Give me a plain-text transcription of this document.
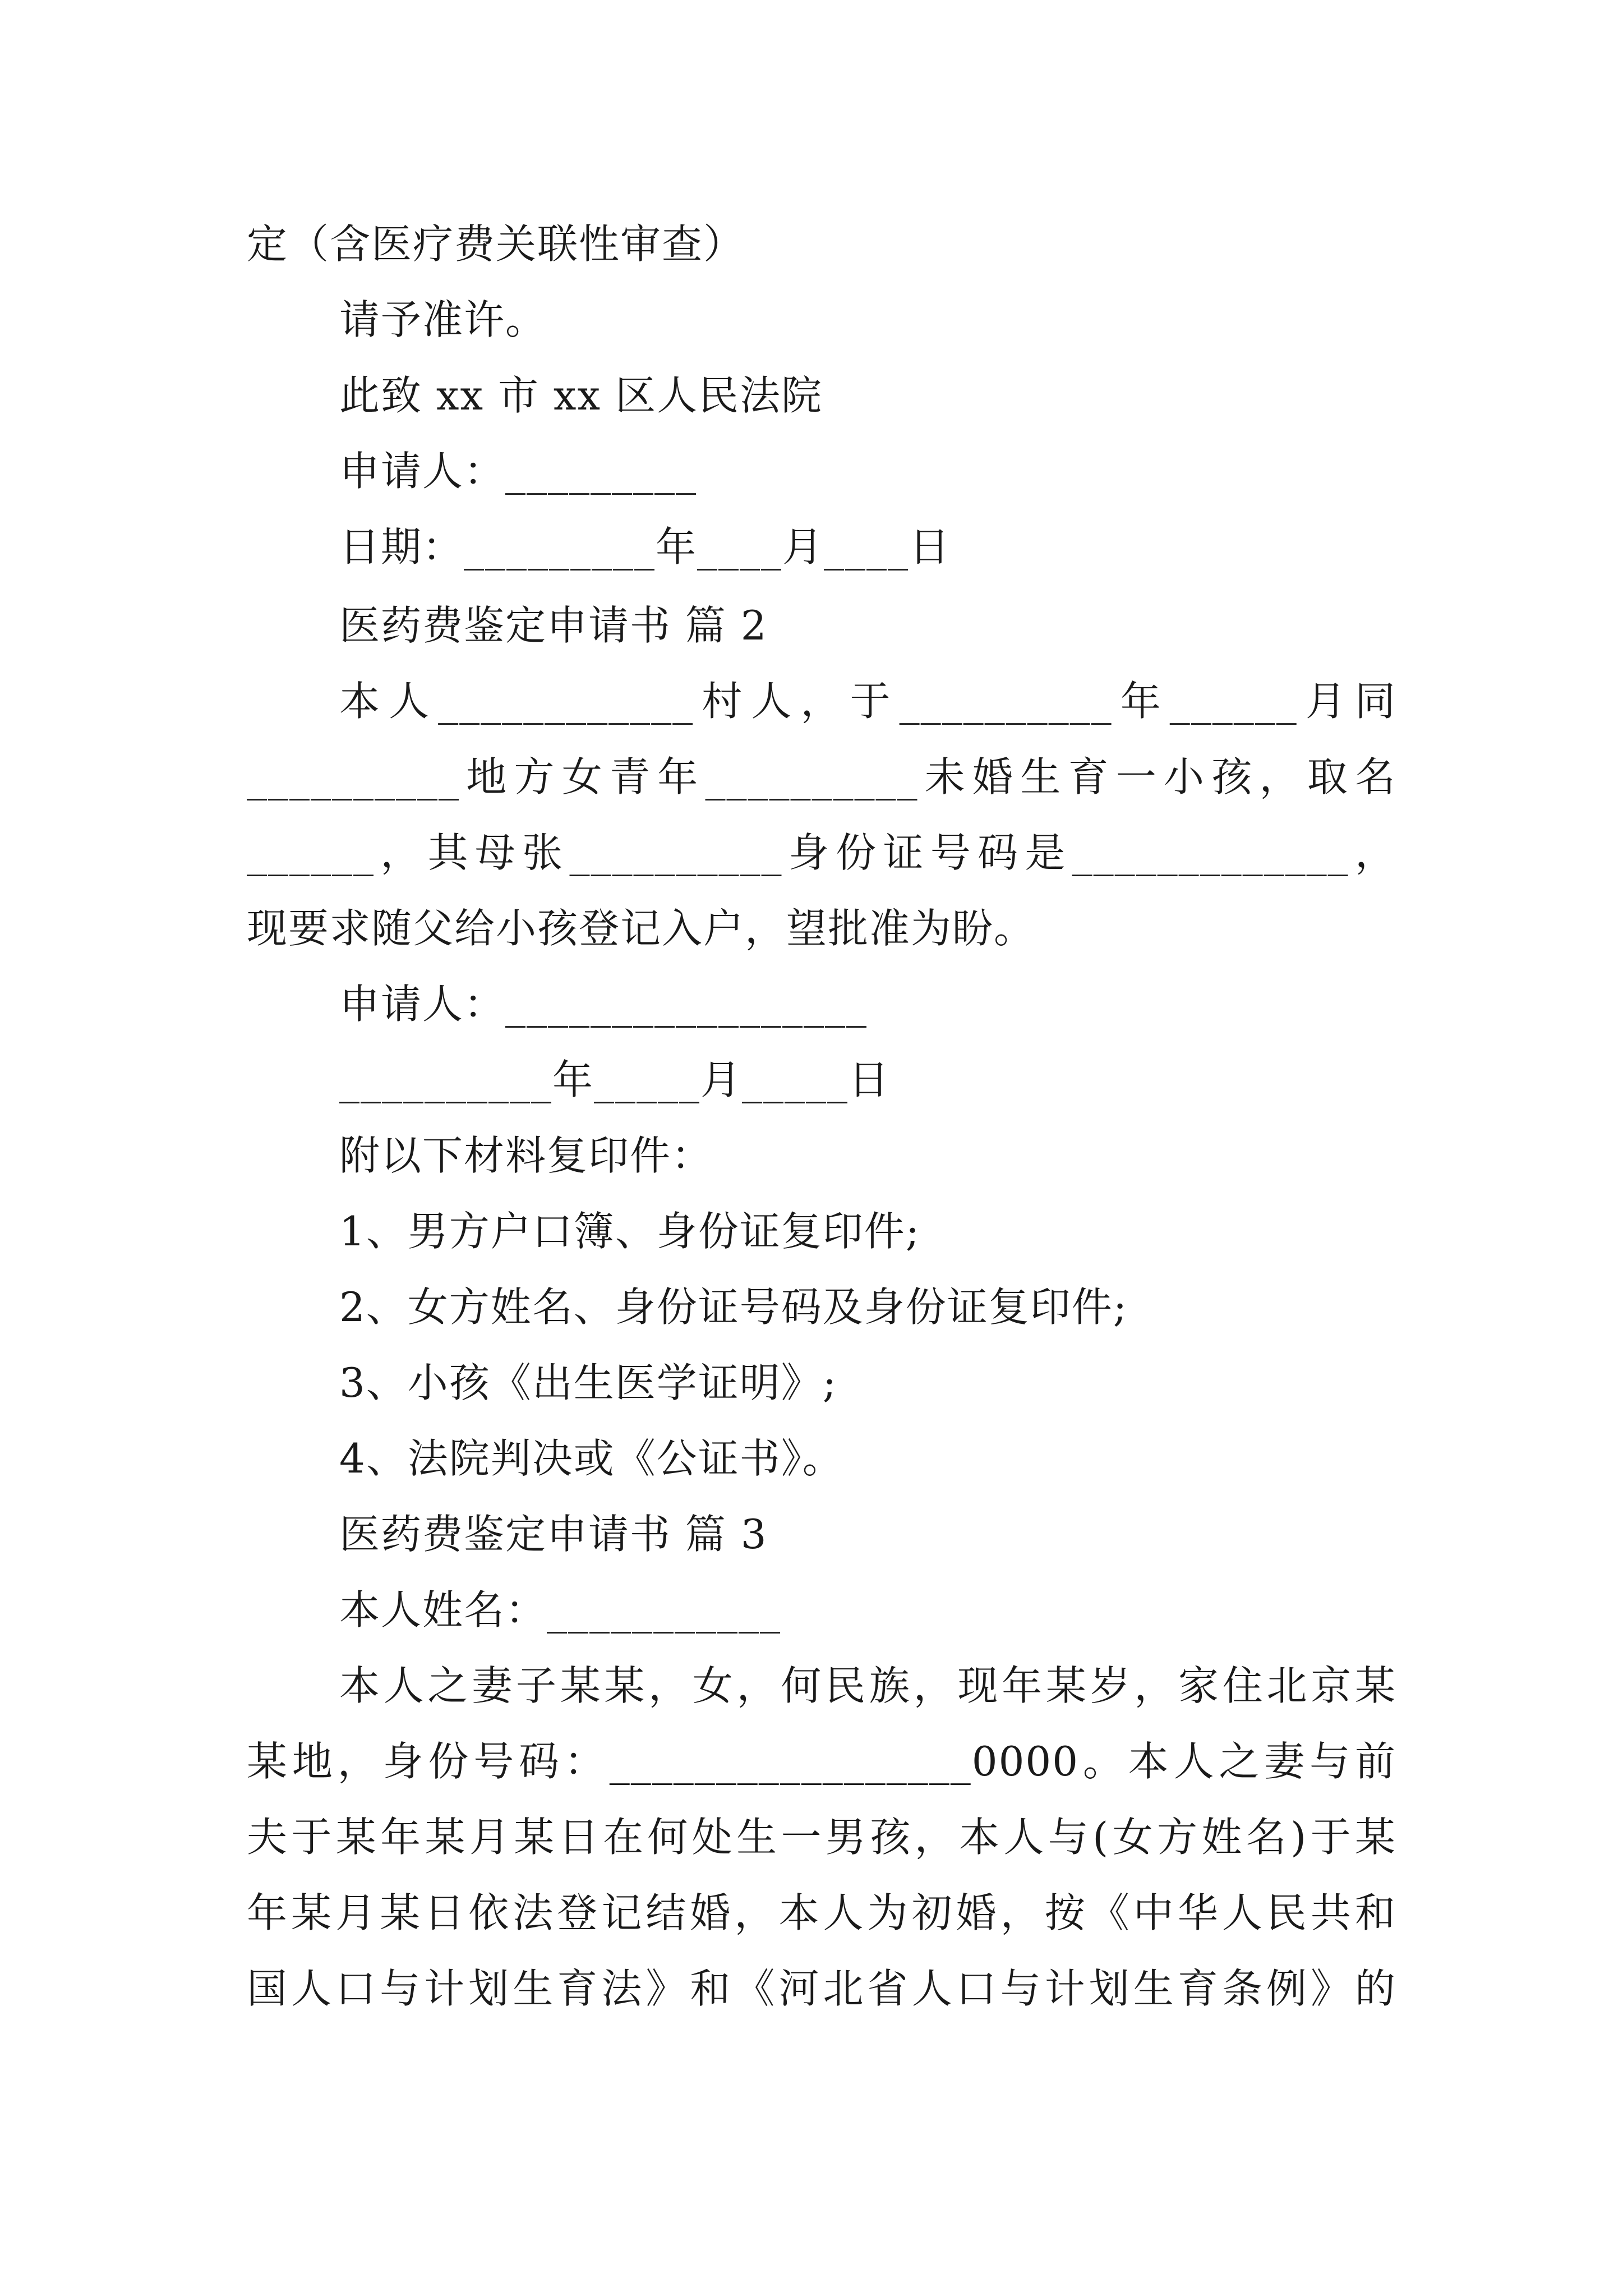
定（含医疗费关联性审查）
请予准许。
此致 xx 市 xx 区人民法院
申请人：_________
日期：_________年____月____日
医药费鉴定申请书 篇 2
本人____________村人，于__________年______月同
__________地方女青年__________未婚生育一小孩，取名
______，其母张__________身份证号码是_____________，
现要求随父给小孩登记入户，望批准为盼。
申请人：_________________
__________年_____月_____日
附以下材料复印件：
1、男方户口簿、身份证复印件;
2、女方姓名、身份证号码及身份证复印件;
3、小孩《出生医学证明》;
4、法院判决或《公证书》。
医药费鉴定申请书 篇 3
本人姓名：___________
本人之妻子某某，女，何民族，现年某岁，家住北京某
某地，身份号码：_________________0000。本人之妻与前
夫于某年某月某日在何处生一男孩，本人与(女方姓名)于某
年某月某日依法登记结婚，本人为初婚，按《中华人民共和
国人口与计划生育法》和《河北省人口与计划生育条例》的
